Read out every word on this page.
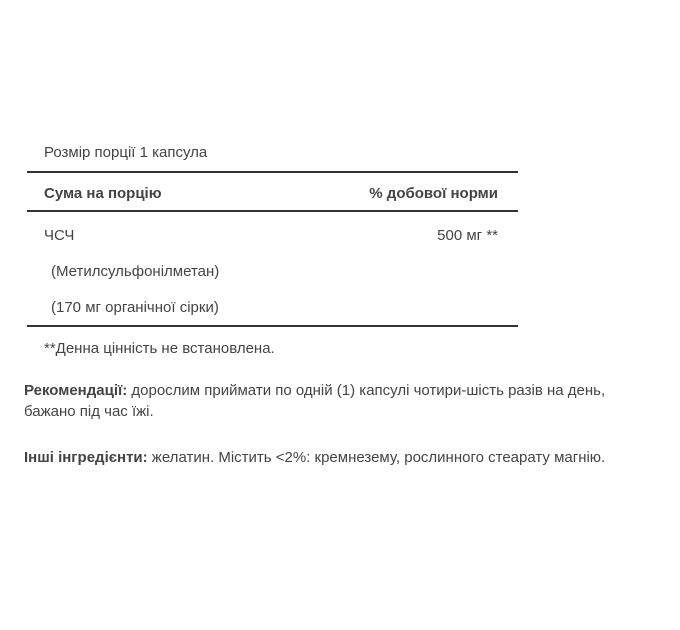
Розмір порції 1 капсула
Сума на порцію	% добової норми
ЧСЧ	500 мг **
(Метилсульфонілметан)
(170 мг органічної сірки)
**Денна цінність не встановлена.
Рекомендації: дорослим приймати по одній (1) капсулі чотири-шість разів на день, бажано під час їжі.
Інші інгредієнти: желатин. Містить <2%: кремнезему, рослинного стеарату магнію.
